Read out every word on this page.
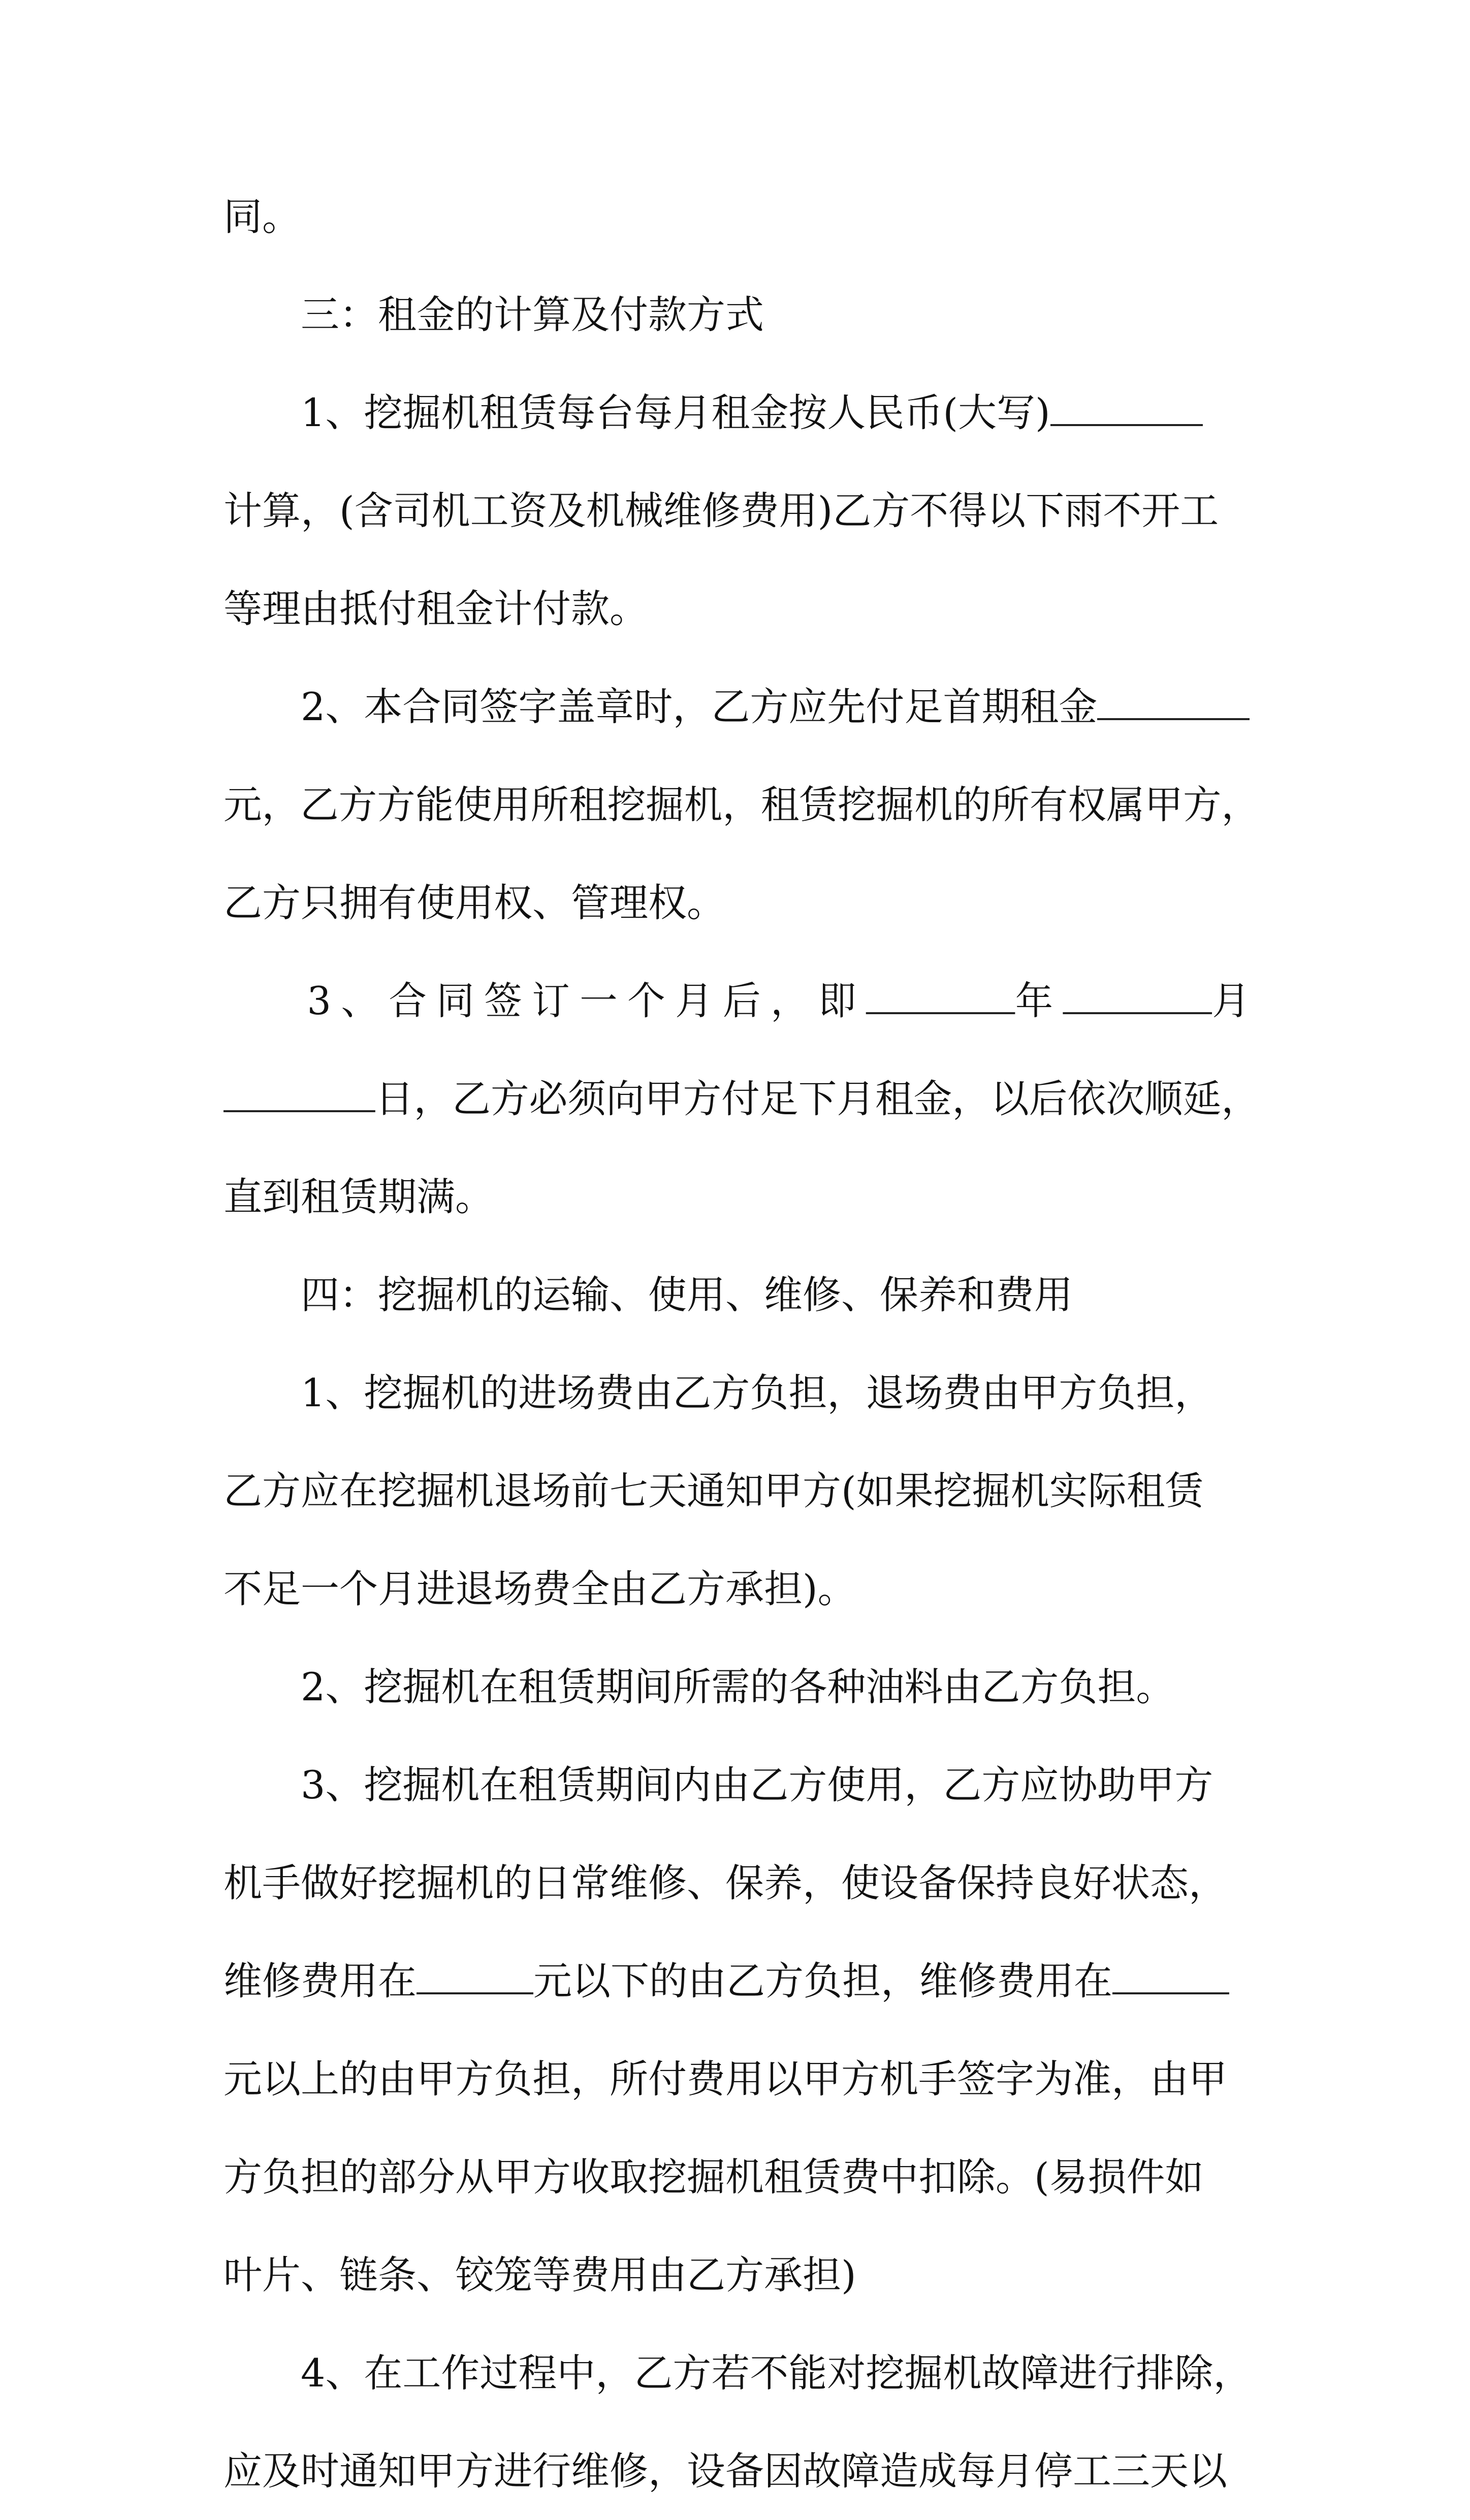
同。
三：租金的计算及付款方式
1、挖掘机租赁每台每月租金按人民币(大写)
计算，(含司机工资及机械维修费用)乙方不得以下雨不开工
等理由抵付租金计付款。
2、本合同签字盖章时，乙方应先付足首期租金
元，乙方方能使用所租挖掘机，租赁挖掘机的所有权属甲方，
乙方只拥有使用权、管理权。
3、合同签订一个月后，即	年	月
日，乙方必须向甲方付足下月租金，以后依次顺延，
直到租赁期满。
四：挖掘机的运输、使用、维修、保养和费用
1、挖掘机的进场费由乙方负担，退场费由甲方负担，
乙方应在挖掘机退场前七天通知甲方(如果挖掘机实际租赁
不足一个月进退场费全由乙方承担)。
2、挖掘机在租赁期间所需的各种油料由乙方负担。
3、挖掘机在租赁期间内由乙方使用，乙方应协助甲方
机手做好挖掘机的日常维修、保养，使设备保持良好状态，
维修费用在	元以下的由乙方负担，维修费用在
元以上的由甲方负担，所付费用以甲方机手签字为准，由甲
方负担的部分从甲方收取挖掘机租赁费中扣除。(易损件如
叶片、链条、铰笼等费用由乙方承担)
4、在工作过程中，乙方若不能对挖掘机故障进行排除，
应及时通知甲方进行维修，设备因故障造成每月停工三天以
